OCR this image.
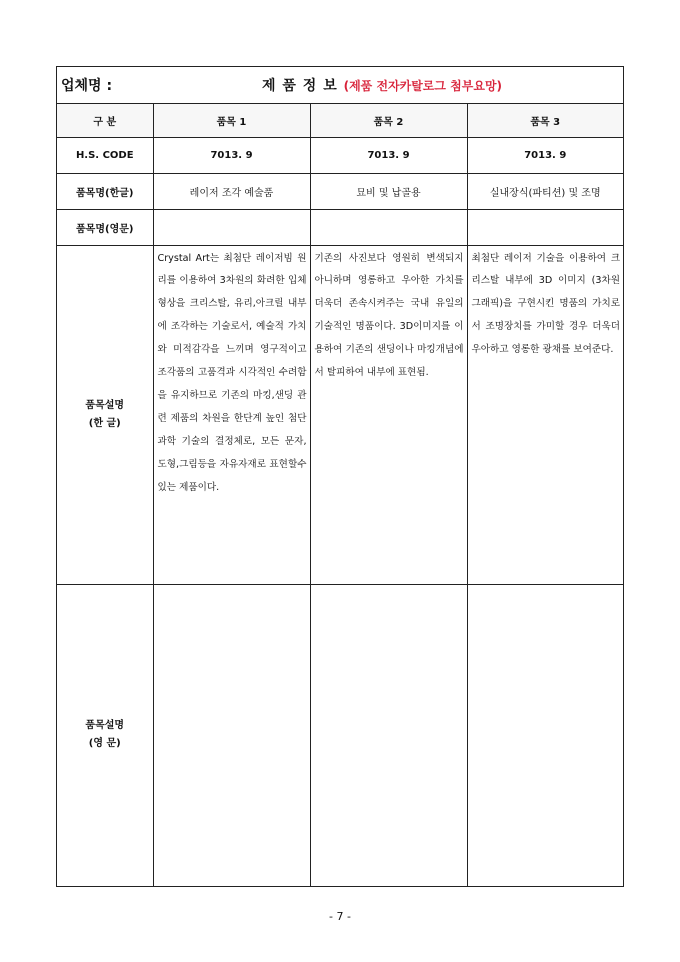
업체명 :	제 품 정 보 (제품 전자카탈로그 첨부요망)
구 분	품목 1	품목 2	품목 3
H.S. CODE	7013. 9	7013. 9	7013. 9
품목명(한글)	레이저 조각 예술품	묘비 및 납골용	실내장식(파티션) 및 조명
품목명(영문)			

품목설명
(한 글)	Crystal Art는 최첨단 레이저빔 원리를 이용하여 3차원의 화려한 입체형상을 크리스탈, 유리,아크릴 내부에 조각하는 기술로서, 예술적 가치와 미적감각을 느끼며 영구적이고 조각품의 고품격과 시각적인 수려함을 유지하므로 기존의 마킹,샌딩 관련 제품의 차원을 한단계 높인 첨단과학 기술의 결정체로, 모든 문자, 도형,그림등을 자유자재로 표현할수 있는 제품이다.	기존의 사진보다 영원히 변색되지 아니하며 영롱하고 우아한 가치를 더욱더 존속시켜주는 국내 유일의 기술적인 명품이다. 3D이미지를 이용하여 기존의 샌딩이나 마킹개념에서 탈피하여 내부에 표현됨.	최첨단 레이저 기술을 이용하여 크리스탈 내부에 3D 이미지 (3차원 그래픽)을 구현시킨 명품의 가치로서 조명장치를 가미할 경우 더욱더 우아하고 영롱한 광채를 보여준다.

품목설명
(영 문)			

- 7 -
